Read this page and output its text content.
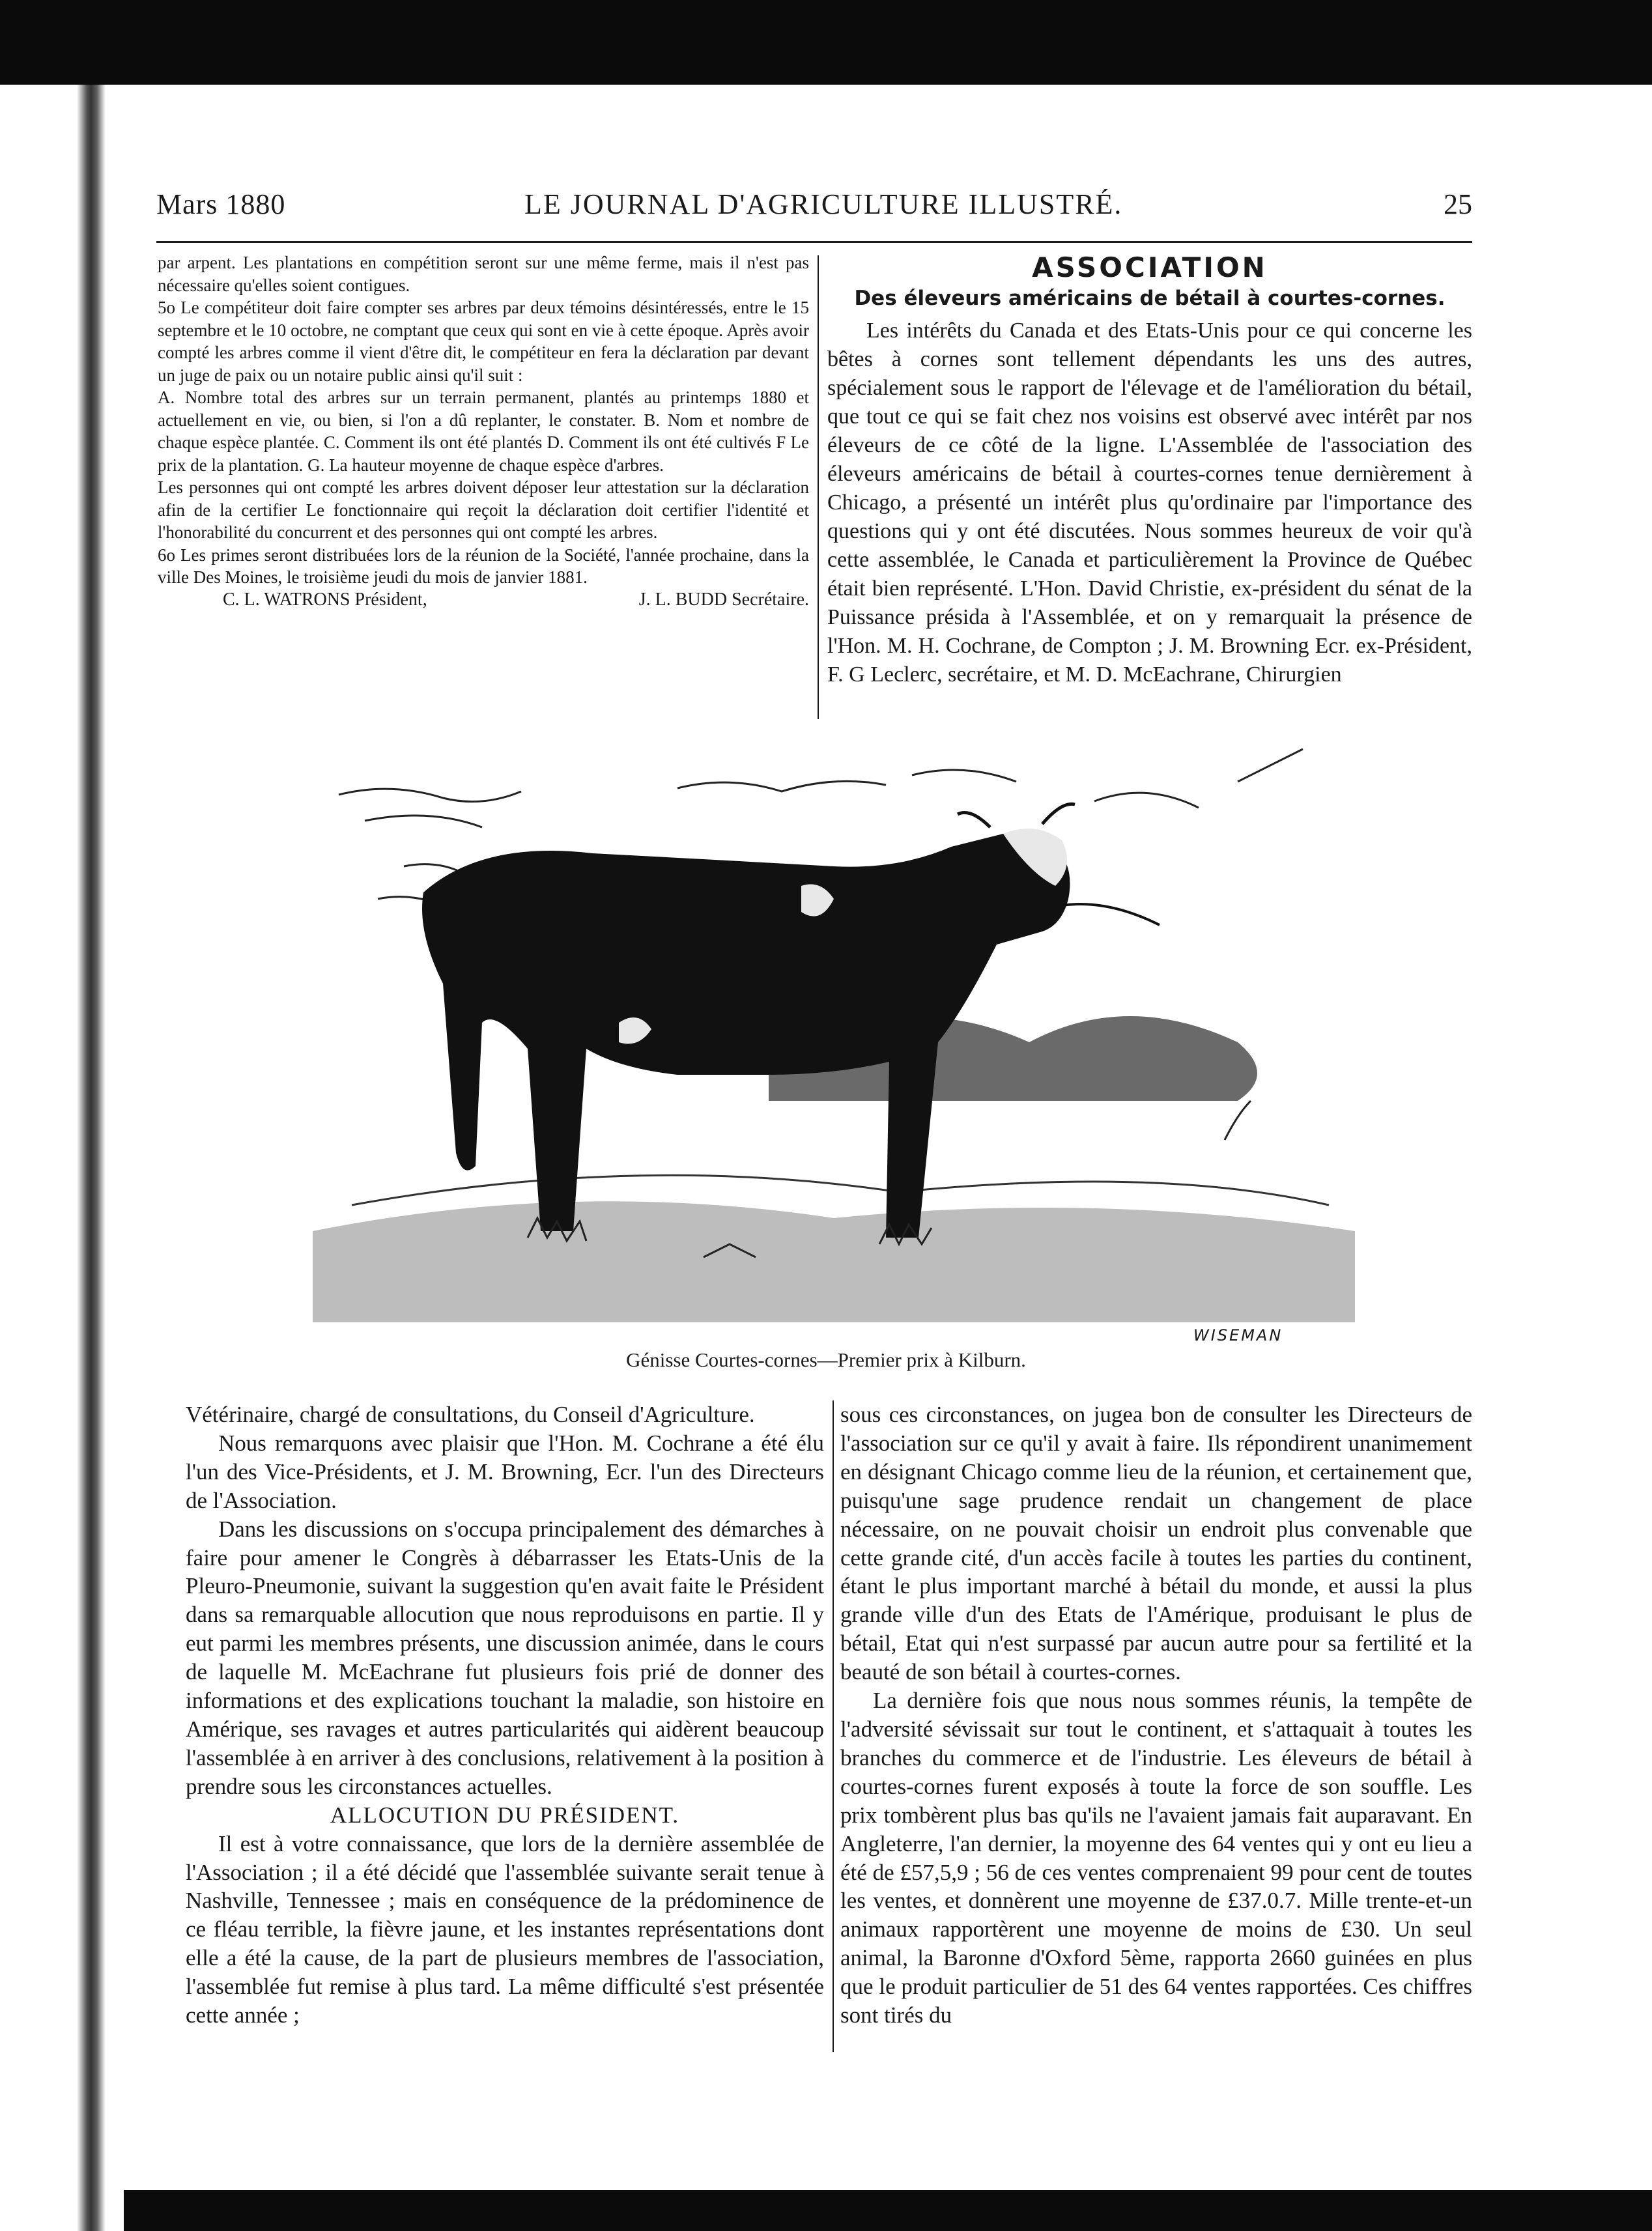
Mars 1880	LE JOURNAL D'AGRICULTURE ILLUSTRÉ.	25

par arpent. Les plantations en compétition seront sur une même ferme, mais il n'est pas nécessaire qu'elles soient contigues.

5o Le compétiteur doit faire compter ses arbres par deux témoins désintéressés, entre le 15 septembre et le 10 octobre, ne comptant que ceux qui sont en vie à cette époque. Après avoir compté les arbres comme il vient d'être dit, le compétiteur en fera la déclaration par devant un juge de paix ou un notaire public ainsi qu'il suit :

A. Nombre total des arbres sur un terrain permanent, plantés au printemps 1880 et actuellement en vie, ou bien, si l'on a dû replanter, le constater. B. Nom et nombre de chaque espèce plantée. C. Comment ils ont été plantés D. Comment ils ont été cultivés F Le prix de la plantation. G. La hauteur moyenne de chaque espèce d'arbres.

Les personnes qui ont compté les arbres doivent déposer leur attestation sur la déclaration afin de la certifier Le fonctionnaire qui reçoit la déclaration doit certifier l'identité et l'honorabilité du concurrent et des personnes qui ont compté les arbres.

6o Les primes seront distribuées lors de la réunion de la Société, l'année prochaine, dans la ville Des Moines, le troisième jeudi du mois de janvier 1881.

C. L. WATRONS Président,	J. L. BUDD Secrétaire.
ASSOCIATION
Des éleveurs américains de bétail à courtes-cornes.

Les intérêts du Canada et des Etats-Unis pour ce qui concerne les bêtes à cornes sont tellement dépendants les uns des autres, spécialement sous le rapport de l'élevage et de l'amélioration du bétail, que tout ce qui se fait chez nos voisins est observé avec intérêt par nos éleveurs de ce côté de la ligne. L'Assemblée de l'association des éleveurs américains de bétail à courtes-cornes tenue dernièrement à Chicago, a présenté un intérêt plus qu'ordinaire par l'importance des questions qui y ont été discutées. Nous sommes heureux de voir qu'à cette assemblée, le Canada et particulièrement la Province de Québec était bien représenté. L'Hon. David Christie, ex-président du sénat de la Puissance présida à l'Assemblée, et on y remarquait la présence de l'Hon. M. H. Cochrane, de Compton ; J. M. Browning Ecr. ex-Président, F. G Leclerc, secrétaire, et M. D. McEachrane, Chirurgien

WISEMAN
Génisse Courtes-cornes—Premier prix à Kilburn.

Vétérinaire, chargé de consultations, du Conseil d'Agriculture.

Nous remarquons avec plaisir que l'Hon. M. Cochrane a été élu l'un des Vice-Présidents, et J. M. Browning, Ecr. l'un des Directeurs de l'Association.

Dans les discussions on s'occupa principalement des démarches à faire pour amener le Congrès à débarrasser les Etats-Unis de la Pleuro-Pneumonie, suivant la suggestion qu'en avait faite le Président dans sa remarquable allocution que nous reproduisons en partie. Il y eut parmi les membres présents, une discussion animée, dans le cours de laquelle M. McEachrane fut plusieurs fois prié de donner des informations et des explications touchant la maladie, son histoire en Amérique, ses ravages et autres particularités qui aidèrent beaucoup l'assemblée à en arriver à des conclusions, relativement à la position à prendre sous les circonstances actuelles.

ALLOCUTION DU PRÉSIDENT.

Il est à votre connaissance, que lors de la dernière assemblée de l'Association ; il a été décidé que l'assemblée suivante serait tenue à Nashville, Tennessee ; mais en conséquence de la prédominence de ce fléau terrible, la fièvre jaune, et les instantes représentations dont elle a été la cause, de la part de plusieurs membres de l'association, l'assemblée fut remise à plus tard. La même difficulté s'est présentée cette année ;

sous ces circonstances, on jugea bon de consulter les Directeurs de l'association sur ce qu'il y avait à faire. Ils répondirent unanimement en désignant Chicago comme lieu de la réunion, et certainement que, puisqu'une sage prudence rendait un changement de place nécessaire, on ne pouvait choisir un endroit plus convenable que cette grande cité, d'un accès facile à toutes les parties du continent, étant le plus important marché à bétail du monde, et aussi la plus grande ville d'un des Etats de l'Amérique, produisant le plus de bétail, Etat qui n'est surpassé par aucun autre pour sa fertilité et la beauté de son bétail à courtes-cornes.

La dernière fois que nous nous sommes réunis, la tempête de l'adversité sévissait sur tout le continent, et s'attaquait à toutes les branches du commerce et de l'industrie. Les éleveurs de bétail à courtes-cornes furent exposés à toute la force de son souffle. Les prix tombèrent plus bas qu'ils ne l'avaient jamais fait auparavant. En Angleterre, l'an dernier, la moyenne des 64 ventes qui y ont eu lieu a été de £57,5,9 ; 56 de ces ventes comprenaient 99 pour cent de toutes les ventes, et donnèrent une moyenne de £37.0.7. Mille trente-et-un animaux rapportèrent une moyenne de moins de £30. Un seul animal, la Baronne d'Oxford 5ème, rapporta 2660 guinées en plus que le produit particulier de 51 des 64 ventes rapportées. Ces chiffres sont tirés du
